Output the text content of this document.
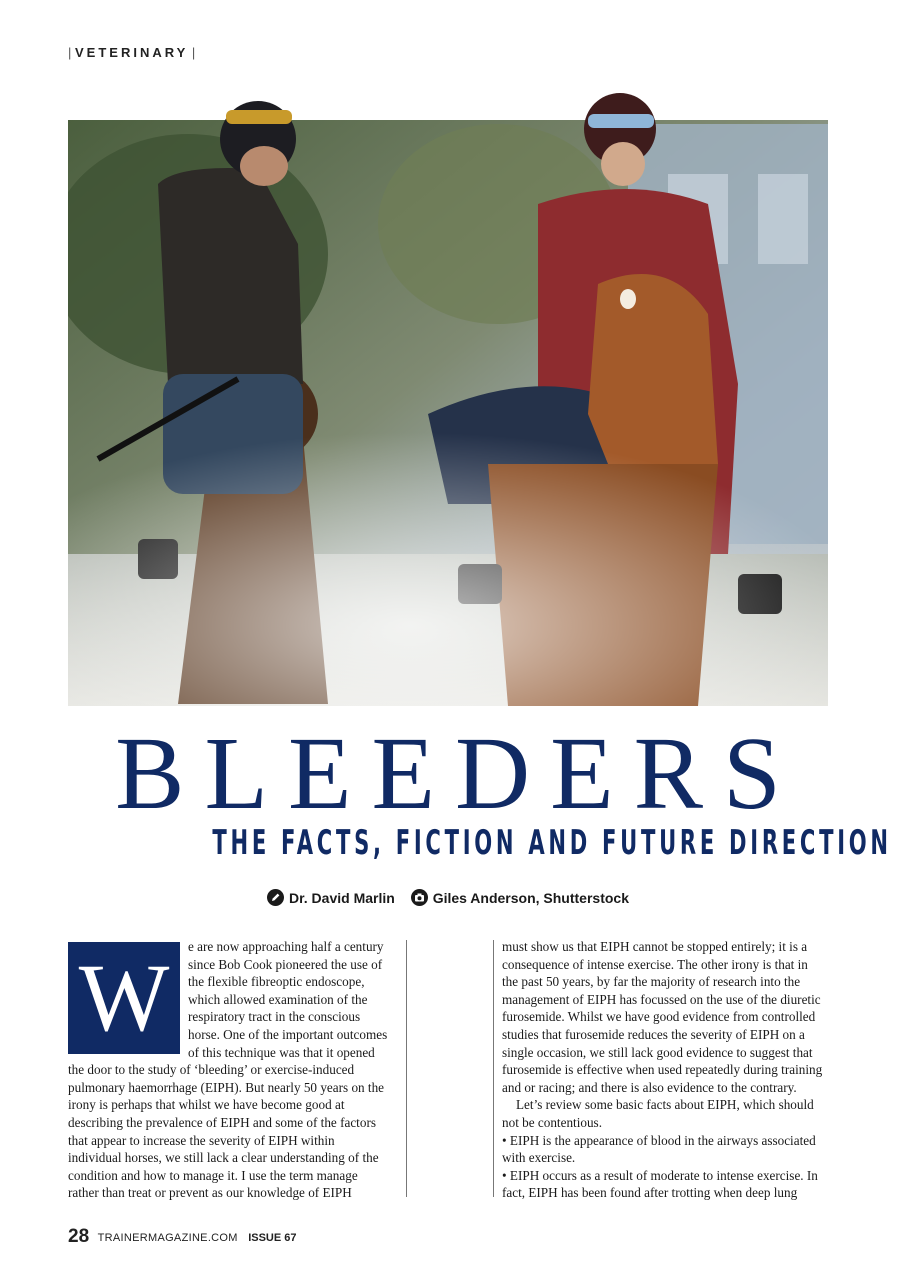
| VETERINARY |
BLEEDERS
THE FACTS, FICTION AND FUTURE DIRECTION
Dr. David Marlin
	Giles Anderson, Shutterstock
W	e are now approaching half a century since Bob Cook pioneered the use of the flexible fibreoptic endoscope, which allowed examination of the respiratory tract in the conscious horse. One of the important outcomes of this technique was that it opened the door to the study of ‘bleeding’ or exercise-induced pulmonary haemorrhage (EIPH). But nearly 50 years on the irony is perhaps that whilst we have become good at describing the prevalence of EIPH and some of the factors that appear to increase the severity of EIPH within individual horses, we still lack a clear understanding of the condition and how to manage it. I use the term manage rather than treat or prevent as our knowledge of EIPH

must show us that EIPH cannot be stopped entirely; it is a consequence of intense exercise. The other irony is that in the past 50 years, by far the majority of research into the management of EIPH has focussed on the use of the diuretic furosemide. Whilst we have good evidence from controlled studies that furosemide reduces the severity of EIPH on a single occasion, we still lack good evidence to suggest that furosemide is effective when used repeatedly during training and or racing; and there is also evidence to the contrary.

Let’s review some basic facts about EIPH, which should not be contentious.

• EIPH is the appearance of blood in the airways associated with exercise.

• EIPH occurs as a result of moderate to intense exercise. In fact, EIPH has been found after trotting when deep lung

28 TRAINERMAGAZINE.COM ISSUE 67
